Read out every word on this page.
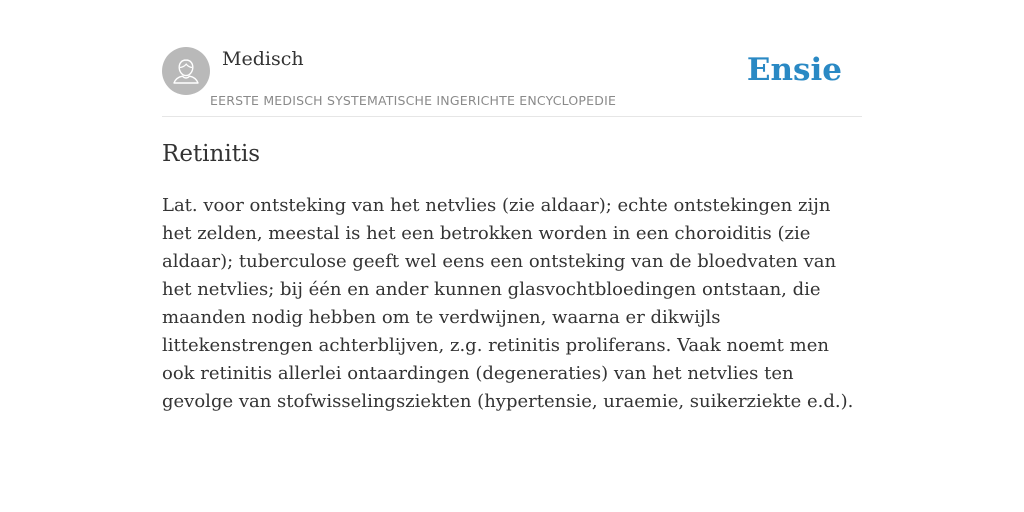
Medisch
EERSTE MEDISCH SYSTEMATISCHE INGERICHTE ENCYCLOPEDIE
Ensie
Retinitis

Lat. voor ontsteking van het netvlies (zie aldaar); echte ontstekingen zijn het zelden, meestal is het een betrokken worden in een choroiditis (zie aldaar); tuberculose geeft wel eens een ontsteking van de bloedvaten van het netvlies; bij één en ander kunnen glasvochtbloedingen ontstaan, die maanden nodig hebben om te verdwijnen, waarna er dikwijls littekenstrengen achterblijven, z.g. retinitis proliferans. Vaak noemt men ook retinitis allerlei ontaardingen (degeneraties) van het netvlies ten gevolge van stofwisselingsziekten (hypertensie, uraemie, suikerziekte e.d.).
